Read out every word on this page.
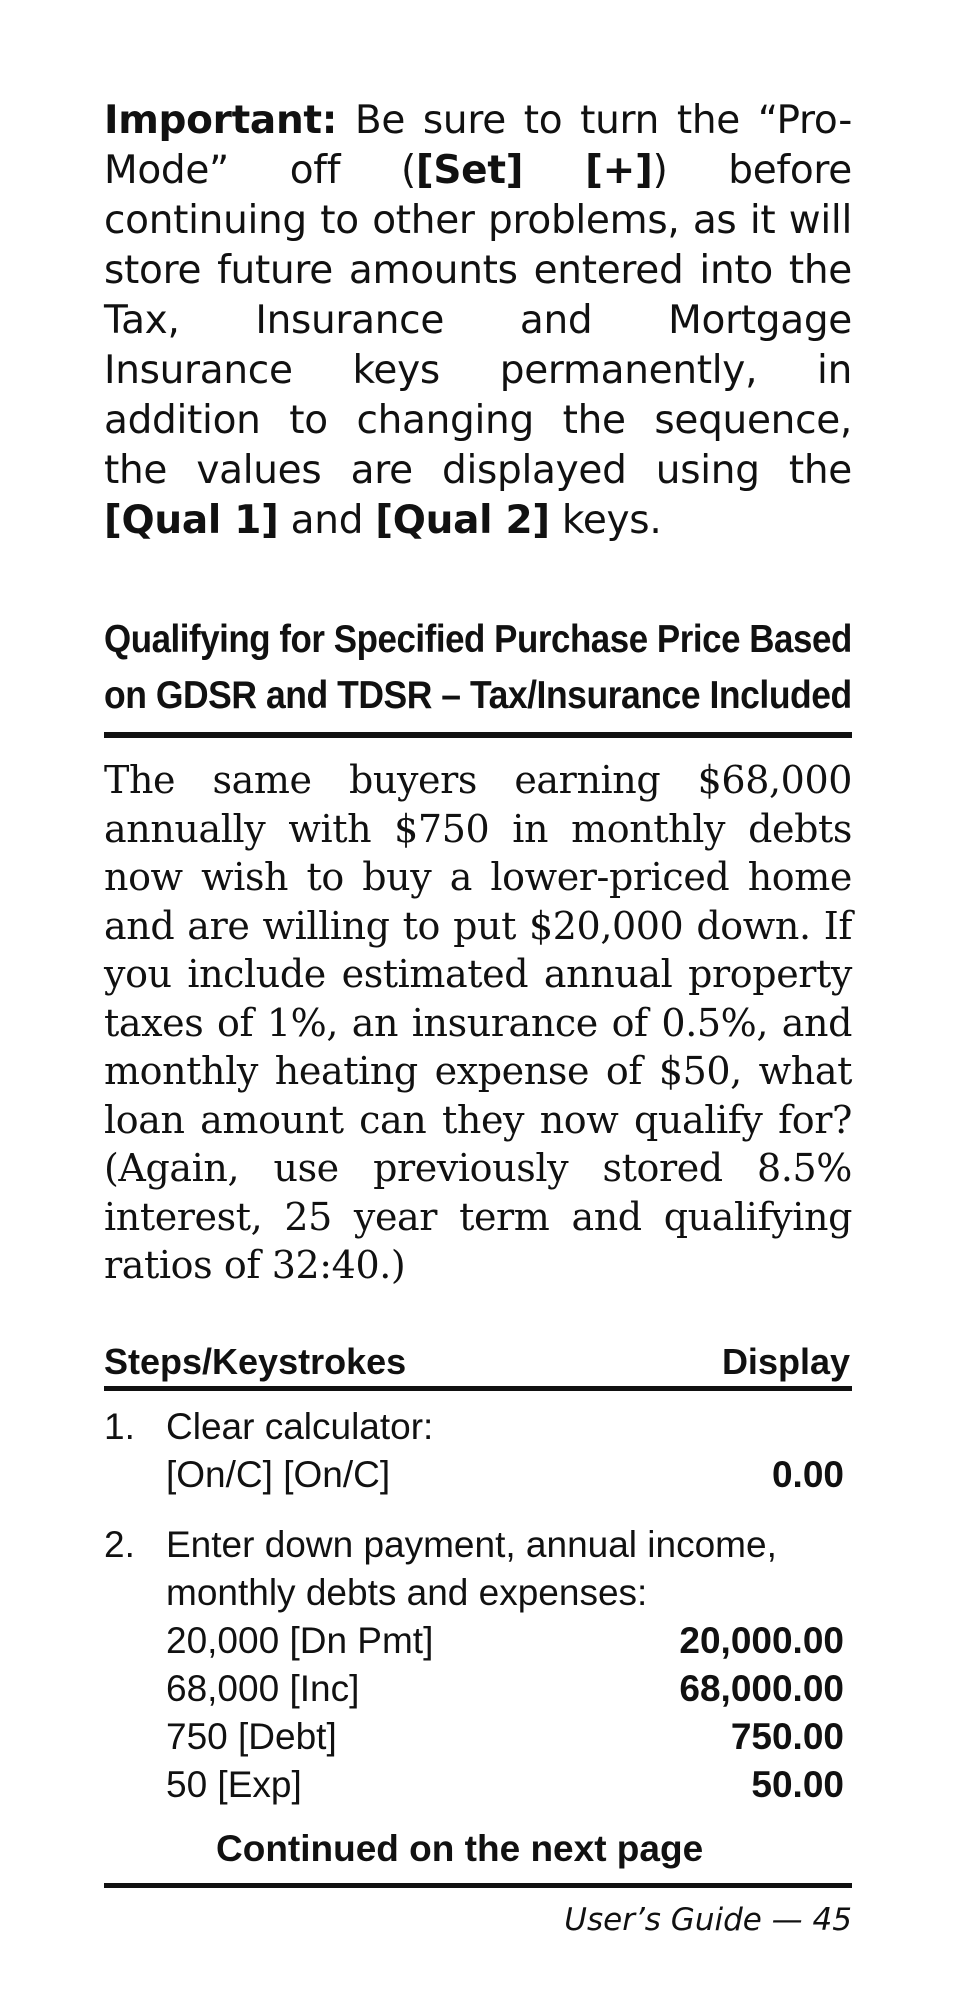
Important: Be sure to turn the “Pro-Mode” off ([Set] [+]) before continuing to other problems, as it will store future amounts entered into the Tax, Insurance and Mortgage Insurance keys permanently, in addition to changing the sequence, the values are displayed using the [Qual 1] and [Qual 2] keys.

Qualifying for Specified Purchase Price Based
on GDSR and TDSR – Tax/Insurance Included

The same buyers earning $68,000 annually with $750 in monthly debts now wish to buy a lower-priced home and are willing to put $20,000 down. If you include estimated annual property taxes of 1%, an insurance of 0.5%, and monthly heating expense of $50, what loan amount can they now qualify for? (Again, use previously stored 8.5% interest, 25 year term and qualifying ratios of 32:40.)

Steps/Keystrokes	Display
1. Clear calculator:
[On/C] [On/C]	0.00
2. Enter down payment, annual income,
monthly debts and expenses:
20,000 [Dn Pmt]	20,000.00
68,000 [Inc]	68,000.00
750 [Debt]	750.00
50 [Exp]	50.00
Continued on the next page
User’s Guide — 45
